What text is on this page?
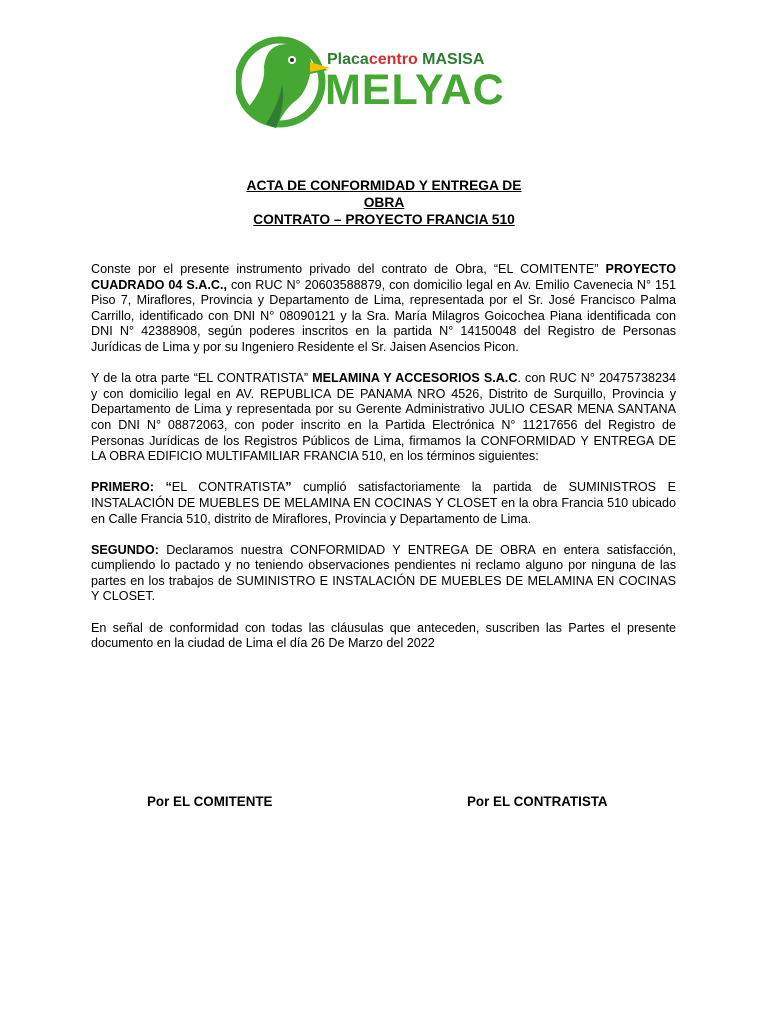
Placacentro MASISA
MELYAC
ACTA DE CONFORMIDAD Y ENTREGA DE
OBRA
CONTRATO – PROYECTO FRANCIA 510

Conste por el presente instrumento privado del contrato de Obra, “EL COMITENTE” PROYECTO CUADRADO 04 S.A.C., con RUC N° 20603588879, con domicilio legal en Av. Emilio Cavenecia N° 151 Piso 7, Miraflores, Provincia y Departamento de Lima, representada por el Sr. José Francisco Palma Carrillo, identificado con DNI N° 08090121 y la Sra. María Milagros Goicochea Piana identificada con DNI N° 42388908, según poderes inscritos en la partida N° 14150048 del Registro de Personas Jurídicas de Lima y por su Ingeniero Residente el Sr. Jaisen Asencios Picon.

Y de la otra parte “EL CONTRATISTA” MELAMINA Y ACCESORIOS S.A.C. con RUC N° 20475738234 y con domicilio legal en AV. REPUBLICA DE PANAMA NRO 4526, Distrito de Surquillo, Provincia y Departamento de Lima y representada por su Gerente Administrativo JULIO CESAR MENA SANTANA con DNI N° 08872063, con poder inscrito en la Partida Electrónica N° 11217656 del Registro de Personas Jurídicas de los Registros Públicos de Lima, firmamos la CONFORMIDAD Y ENTREGA DE LA OBRA EDIFICIO MULTIFAMILIAR FRANCIA 510, en los términos siguientes:

PRIMERO: “EL CONTRATISTA” cumplió satisfactoriamente la partida de SUMINISTROS E INSTALACIÓN DE MUEBLES DE MELAMINA EN COCINAS Y CLOSET en la obra Francia 510 ubicado en Calle Francia 510, distrito de Miraflores, Provincia y Departamento de Lima.

SEGUNDO: Declaramos nuestra CONFORMIDAD Y ENTREGA DE OBRA en entera satisfacción, cumpliendo lo pactado y no teniendo observaciones pendientes ni reclamo alguno por ninguna de las partes en los trabajos de SUMINISTRO E INSTALACIÓN DE MUEBLES DE MELAMINA EN COCINAS Y CLOSET.

En señal de conformidad con todas las cláusulas que anteceden, suscriben las Partes el presente documento en la ciudad de Lima el día 26 De Marzo del 2022

Por EL COMITENTE	Por EL CONTRATISTA
